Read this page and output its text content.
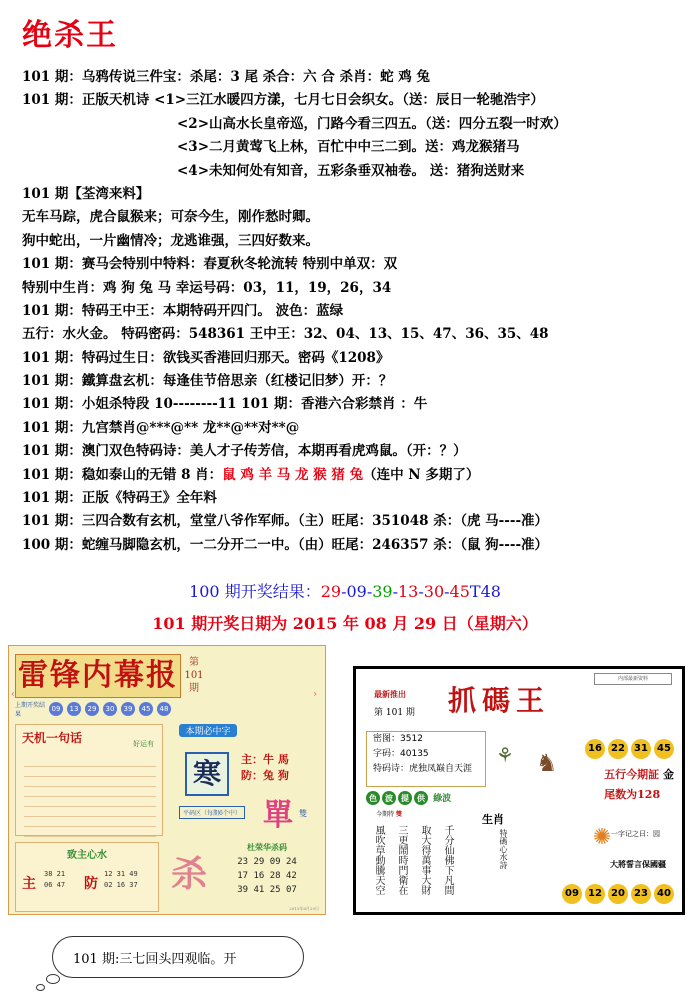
绝杀王
101 期：乌鸦传说三件宝：杀尾：3 尾 杀合：六 合 杀肖：蛇 鸡 兔
101 期：正版天机诗 <1>三江水暖四方漾，七月七日会织女。（送：辰日一轮驰浩宇）
<2>山高水长皇帝巡，门路今看三四五。（送：四分五裂一时欢）
<3>二月黄莺飞上林，百忙中中三二到。送：鸡龙猴猪马
<4>未知何处有知音，五彩条垂双袖卷。 送：猪狗送财来
101 期【荃湾来料】
无车马踪，虎合鼠猴来；可奈今生，刚作愁时卿。
狗中蛇出，一片幽情冷；龙逃谁强，三四好数来。
101 期：赛马会特别中特料：春夏秋冬轮流转 特别中单双：双
特别中生肖：鸡 狗 兔 马 幸运号码：03，11，19，26，34
101 期：特码王中王：本期特码开四门。 波色：蓝绿
五行：水火金。 特码密码：548361 王中王：32、04、13、15、47、36、35、48
101 期：特码过生日：欲钱买香港回归那天。密码《1208》
101 期：鐵算盘玄机：每逢佳节倍思亲（红楼记旧梦）开：？
101 期：小姐杀特段 10--------11 101 期：香港六合彩禁肖 ：牛
101 期：九宫禁肖@***@** 龙**@**对**@
101 期：澳门双色特码诗：美人才子传芳信，本期再看虎鸡鼠。（开：？）
101 期：稳如泰山的无错 8 肖：鼠 鸡 羊 马 龙 猴 猪 兔（连中 N 多期了）
101 期：正版《特码王》全年料
101 期：三四合数有玄机，堂堂八爷作军师。（主）旺尾：351048 杀：（虎 马----准）
100 期：蛇缠马脚隐玄机，一二分开二一中。（由）旺尾：246357 杀：（鼠 狗----准）
100 期开奖结果：29-09-39-13-30-45T48
101 期开奖日期为 2015 年 08 月 29 日（星期六）
‹	›
雷锋内幕报	第
101
期
上期开奖结果
09	13	29	30	39	45	48
天机一句话	好运有
本期必中字
寒	主：牛 馬
防：兔 狗
平码区（每期6个中） 單 雙
致主心水
主
38 21
06 47 防
12 31 49
02 16 37 杀
杜荣华杀码
23 29 09 24
17 16 28 42
39 41 25 07
2015年8月29日
最新推出
第 101 期 抓碼王
内部最新资料
密图：3512
字码：40135
特码诗：虎独凤巅自天涯
⚘ ♞
16 22 31 45
五行今期証 金
尾数为128
色 波 提 供 綠波
今期特 雙
風吹草動騰天空 三更鬧時門衛在 取大得萬事大財 千分仙佛下凡間
生肖
特碼心水詩	✺ 一字记之曰：园
大將誓言保國疆
09 12 20 23 40
101 期:三七回头四观临。开
